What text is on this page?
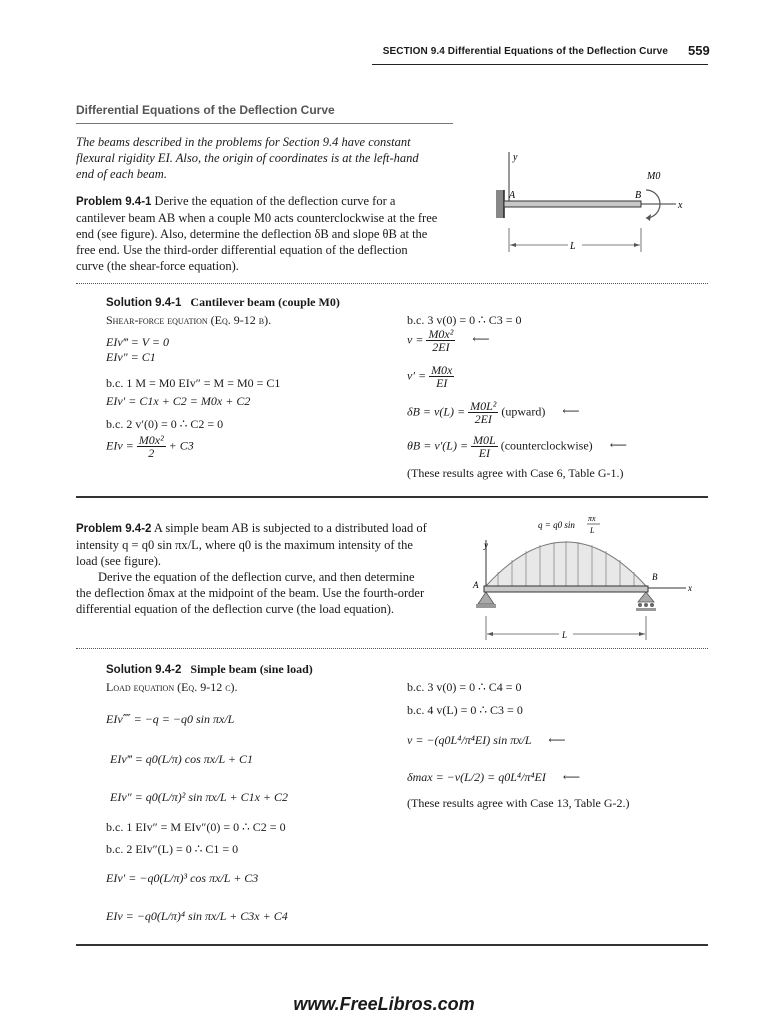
SECTION 9.4 Differential Equations of the Deflection Curve 559
Differential Equations of the Deflection Curve
The beams described in the problems for Section 9.4 have constant flexural rigidity EI. Also, the origin of coordinates is at the left-hand end of each beam.
Problem 9.4-1 Derive the equation of the deflection curve for a cantilever beam AB when a couple M0 acts counterclockwise at the free end (see figure). Also, determine the deflection δB and slope θB at the free end. Use the third-order differential equation of the deflection curve (the shear-force equation).
y
x
A	B
M0
L
Solution 9.4-1 Cantilever beam (couple M0)
Shear-force equation (Eq. 9-12 b).
EIv‴ = V = 0
EIv″ = C1
b.c. 1 M = M0 EIv″ = M = M0 = C1
EIv′ = C1x + C2 = M0x + C2
b.c. 2 v′(0) = 0 ∴ C2 = 0
EIv = $\frac{\text{M0x²}}{2} + C3$
b.c. 3 v(0) = 0 ∴ C3 = 0
$v = \frac{\text{M0x²}}{2EI}$ ⟵
$v' = \frac{M0x}{EI}$
$\delta B = v(L) = \frac{\text{M0L²}}{2EI}$ (upward) ⟵
$\theta B = v'(L) = \frac{M0L}{EI}$ (counterclockwise) ⟵
(These results agree with Case 6, Table G-1.)
Problem 9.4-2 A simple beam AB is subjected to a distributed load of intensity q = q0 sin πx/L, where q0 is the maximum intensity of the load (see figure).
Derive the equation of the deflection curve, and then determine the deflection δmax at the midpoint of the beam. Use the fourth-order differential equation of the deflection curve (the load equation).
q = q0 sin
πx
L
y
x
A
B
L
Solution 9.4-2 Simple beam (sine load)
Load equation (Eq. 9-12 c).
EIv⁗ = −q = −q0 sin πx/L
EIv‴ = q0(L/π) cos πx/L + C1
EIv″ = q0(L/π)² sin πx/L + C1x + C2
b.c. 1 EIv″ = M EIv″(0) = 0 ∴ C2 = 0
b.c. 2 EIv″(L) = 0 ∴ C1 = 0
EIv′ = −q0(L/π)³ cos πx/L + C3
EIv = −q0(L/π)⁴ sin πx/L + C3x + C4
b.c. 3 v(0) = 0 ∴ C4 = 0
b.c. 4 v(L) = 0 ∴ C3 = 0
v = −(q0L⁴/π⁴EI) sin πx/L ⟵
δmax = −v(L/2) = q0L⁴/π⁴EI ⟵
(These results agree with Case 13, Table G-2.)
www.FreeLibros.com
